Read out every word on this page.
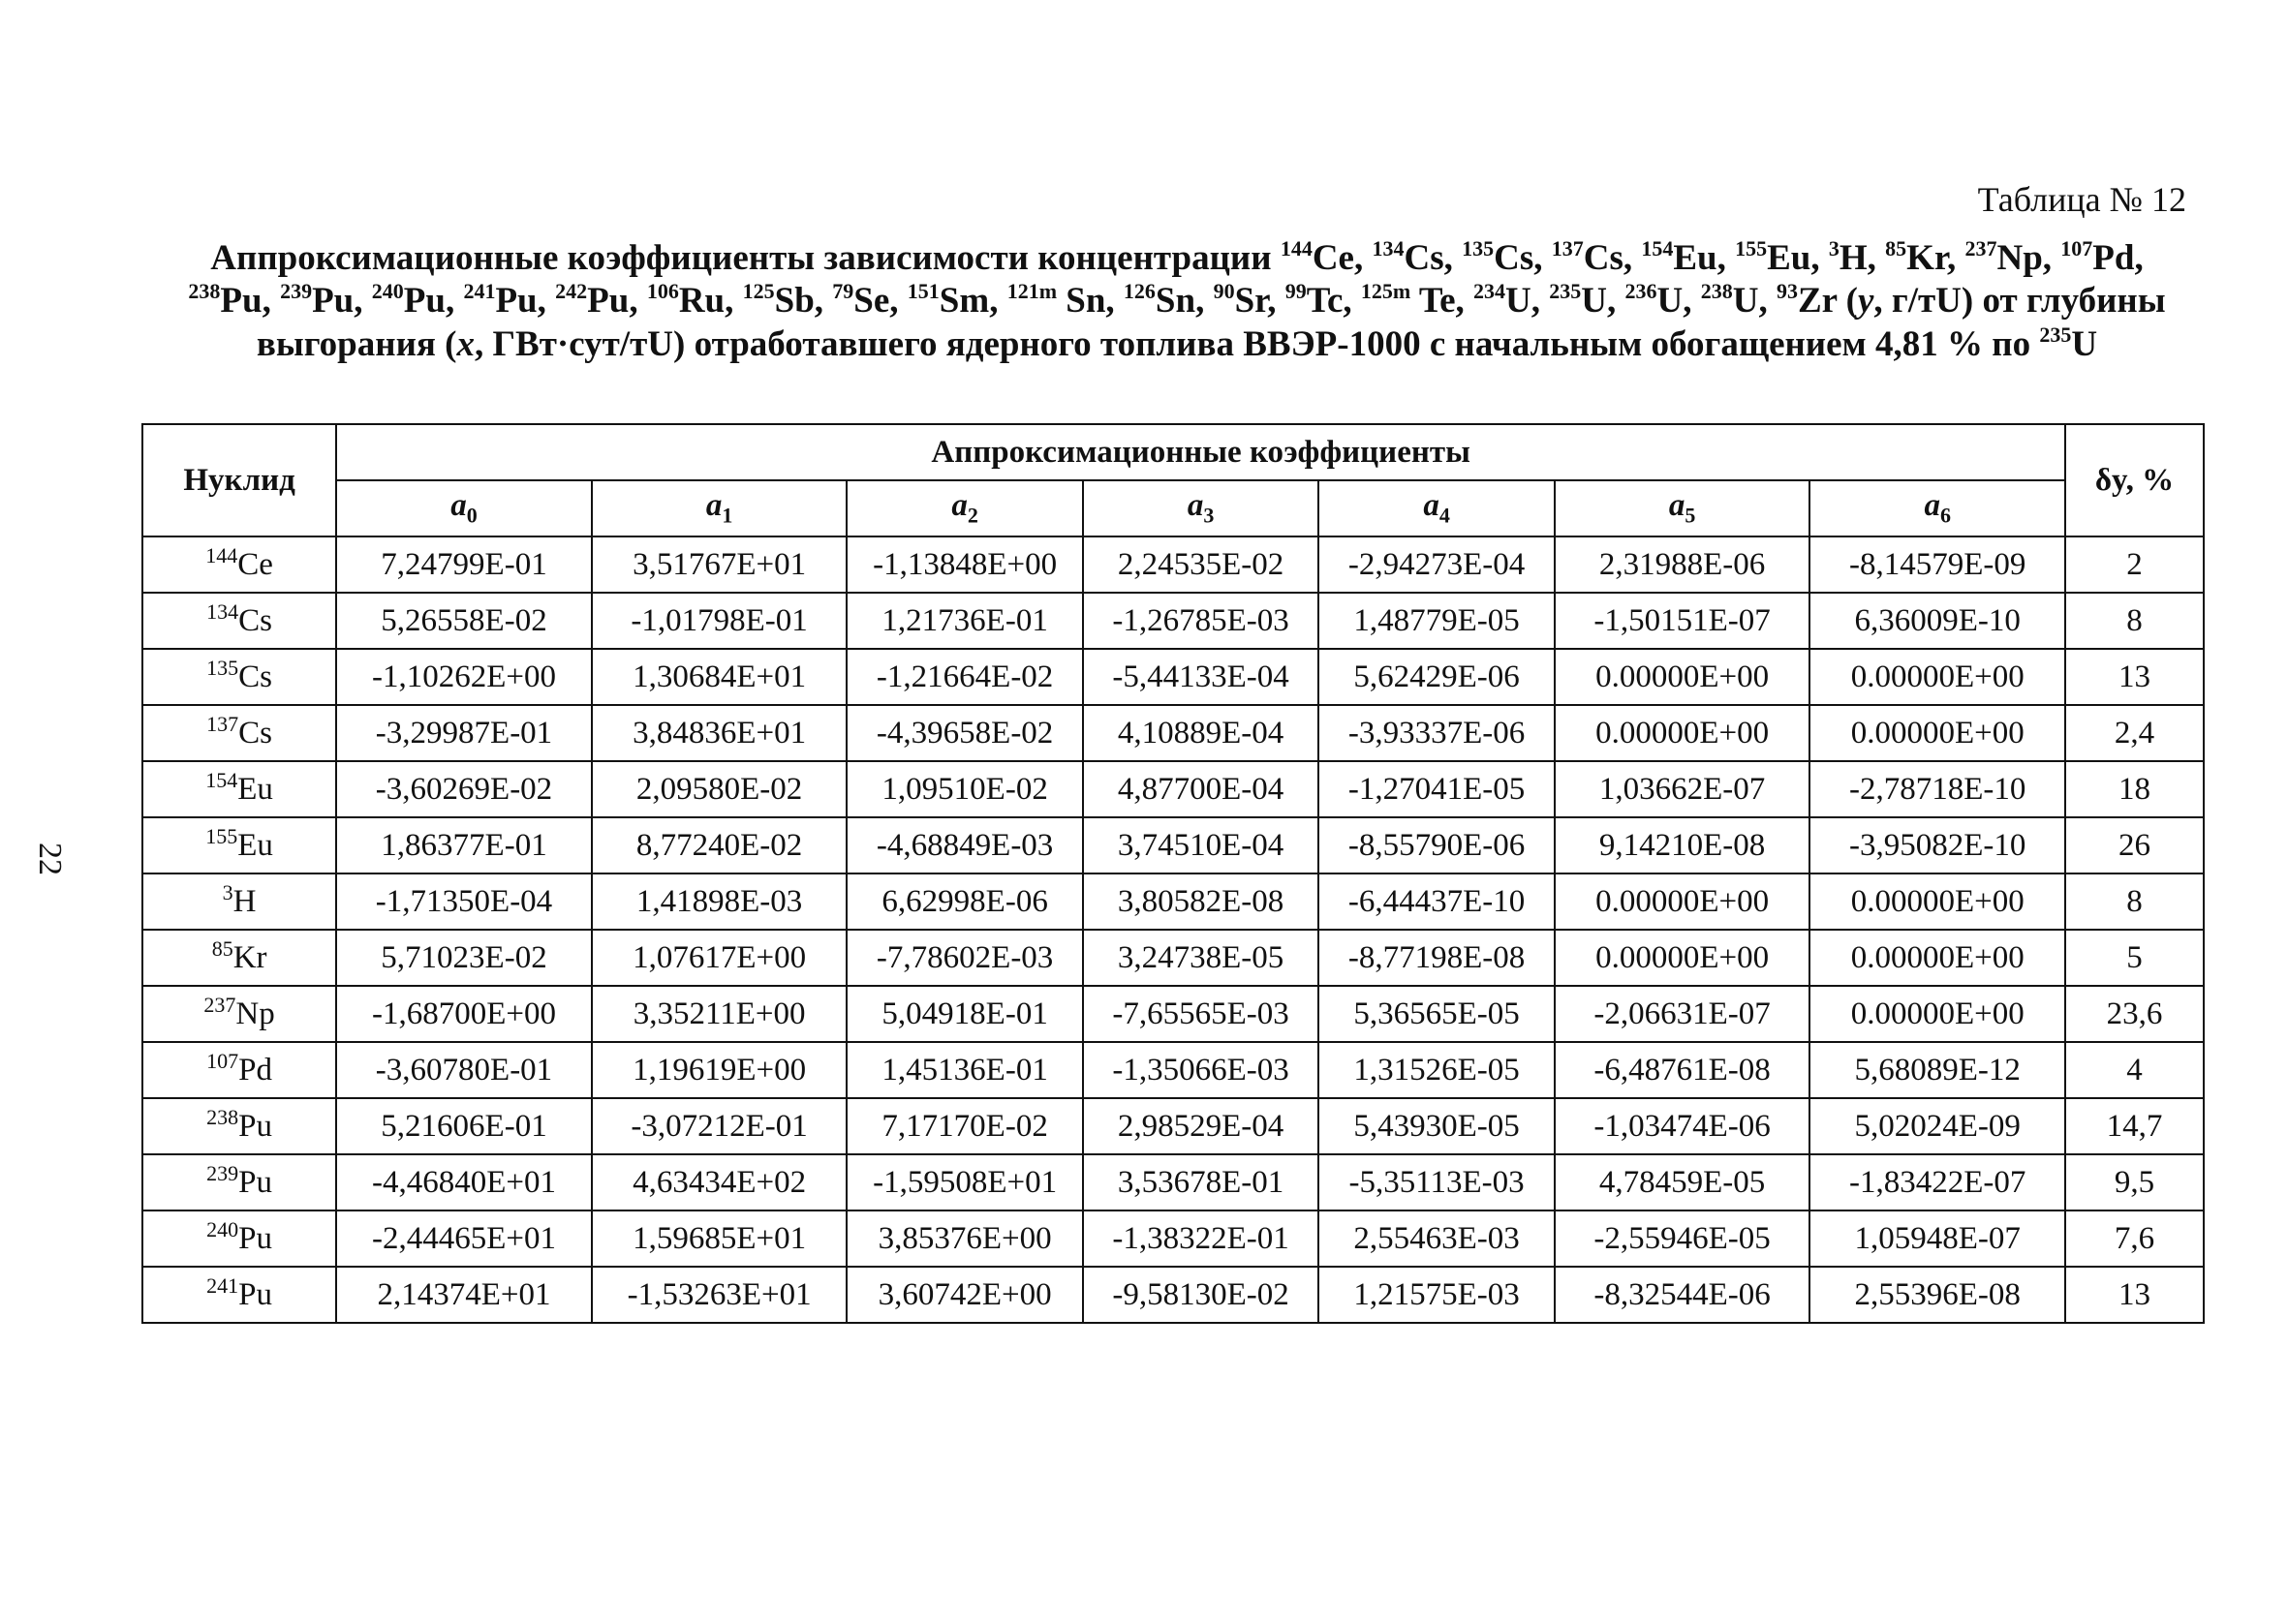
22
Таблица № 12
Аппроксимационные коэффициенты зависимости концентрации $^{144}$Ce, $^{134}$Cs, $^{135}$Cs, $^{137}$Cs, $^{154}$Eu, $^{155}$Eu, $^3$H, $^{85}$Kr, $^{237}$Np, $^{107}$Pd, $^{238}$Pu, $^{239}$Pu, $^{240}$Pu, $^{241}$Pu, $^{242}$Pu, $^{106}$Ru, $^{125}$Sb, $^{79}$Se, $^{151}$Sm, $^{121m}$ Sn, $^{126}$Sn, $^{90}$Sr, $^{99}$Tc, $^{125m}$ Te, $^{234}$U, $^{235}$U, $^{236}$U, $^{238}$U, $^{93}$Zr (у, г/тU) от глубины выгорания (х, ГВт·сут/тU) отработавшего ядерного топлива ВВЭР-1000 с начальным обогащением 4,81 % по $^{235}$U
Нуклид	Аппроксимационные коэффициенты							δy, %
	$a_0$	$a_1$	$a_2$	$a_3$	$a_4$	$a_5$	$a_6$
$^{144}$Ce	7,24799E-01	3,51767E+01	-1,13848E+00	2,24535E-02	-2,94273E-04	2,31988E-06	-8,14579E-09	2
$^{134}$Cs	5,26558E-02	-1,01798E-01	1,21736E-01	-1,26785E-03	1,48779E-05	-1,50151E-07	6,36009E-10	8
$^{135}$Cs	-1,10262E+00	1,30684E+01	-1,21664E-02	-5,44133E-04	5,62429E-06	0.00000E+00	0.00000E+00	13
$^{137}$Cs	-3,29987E-01	3,84836E+01	-4,39658E-02	4,10889E-04	-3,93337E-06	0.00000E+00	0.00000E+00	2,4
$^{154}$Eu	-3,60269E-02	2,09580E-02	1,09510E-02	4,87700E-04	-1,27041E-05	1,03662E-07	-2,78718E-10	18
$^{155}$Eu	1,86377E-01	8,77240E-02	-4,68849E-03	3,74510E-04	-8,55790E-06	9,14210E-08	-3,95082E-10	26
$^3$H	-1,71350E-04	1,41898E-03	6,62998E-06	3,80582E-08	-6,44437E-10	0.00000E+00	0.00000E+00	8
$^{85}$Kr	5,71023E-02	1,07617E+00	-7,78602E-03	3,24738E-05	-8,77198E-08	0.00000E+00	0.00000E+00	5
$^{237}$Np	-1,68700E+00	3,35211E+00	5,04918E-01	-7,65565E-03	5,36565E-05	-2,06631E-07	0.00000E+00	23,6
$^{107}$Pd	-3,60780E-01	1,19619E+00	1,45136E-01	-1,35066E-03	1,31526E-05	-6,48761E-08	5,68089E-12	4
$^{238}$Pu	5,21606E-01	-3,07212E-01	7,17170E-02	2,98529E-04	5,43930E-05	-1,03474E-06	5,02024E-09	14,7
$^{239}$Pu	-4,46840E+01	4,63434E+02	-1,59508E+01	3,53678E-01	-5,35113E-03	4,78459E-05	-1,83422E-07	9,5
$^{240}$Pu	-2,44465E+01	1,59685E+01	3,85376E+00	-1,38322E-01	2,55463E-03	-2,55946E-05	1,05948E-07	7,6
$^{241}$Pu	2,14374E+01	-1,53263E+01	3,60742E+00	-9,58130E-02	1,21575E-03	-8,32544E-06	2,55396E-08	13
